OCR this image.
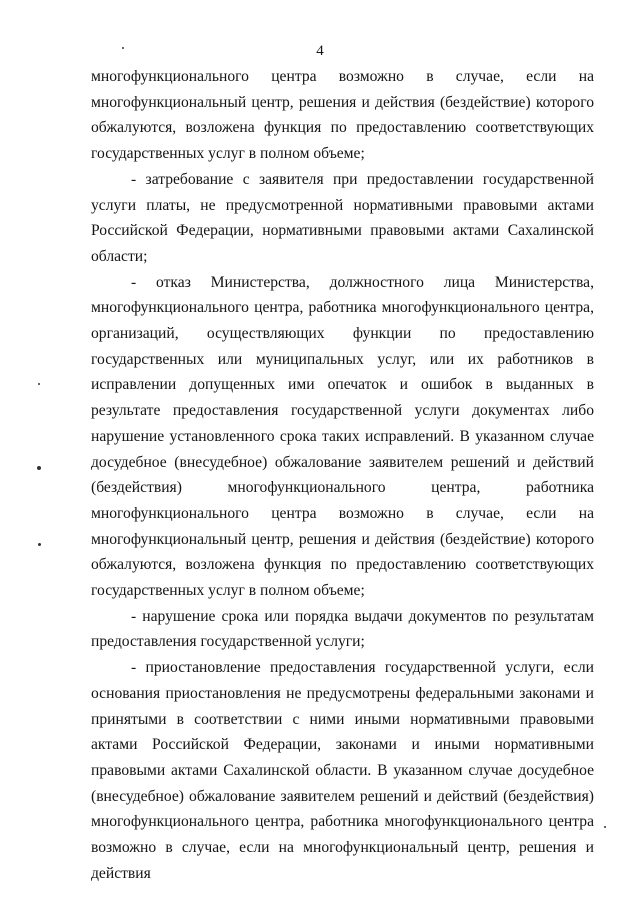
4

многофункционального центра возможно в случае, если на многофункциональный центр, решения и действия (бездействие) которого обжалуются, возложена функция по предоставлению соответствующих государственных услуг в полном объеме;

- затребование с заявителя при предоставлении государственной услуги платы, не предусмотренной нормативными правовыми актами Российской Федерации, нормативными правовыми актами Сахалинской области;

- отказ Министерства, должностного лица Министерства, многофункционального центра, работника многофункционального центра, организаций, осуществляющих функции по предоставлению государственных или муниципальных услуг, или их работников в исправлении допущенных ими опечаток и ошибок в выданных в результате предоставления государственной услуги документах либо нарушение установленного срока таких исправлений. В указанном случае досудебное (внесудебное) обжалование заявителем решений и действий (бездействия) многофункционального центра, работника многофункционального центра возможно в случае, если на многофункциональный центр, решения и действия (бездействие) которого обжалуются, возложена функция по предоставлению соответствующих государственных услуг в полном объеме;

- нарушение срока или порядка выдачи документов по результатам предоставления государственной услуги;

- приостановление предоставления государственной услуги, если основания приостановления не предусмотрены федеральными законами и принятыми в соответствии с ними иными нормативными правовыми актами Российской Федерации, законами и иными нормативными правовыми актами Сахалинской области. В указанном случае досудебное (внесудебное) обжалование заявителем решений и действий (бездействия) многофункционального центра, работника многофункционального центра возможно в случае, если на многофункциональный центр, решения и действия
